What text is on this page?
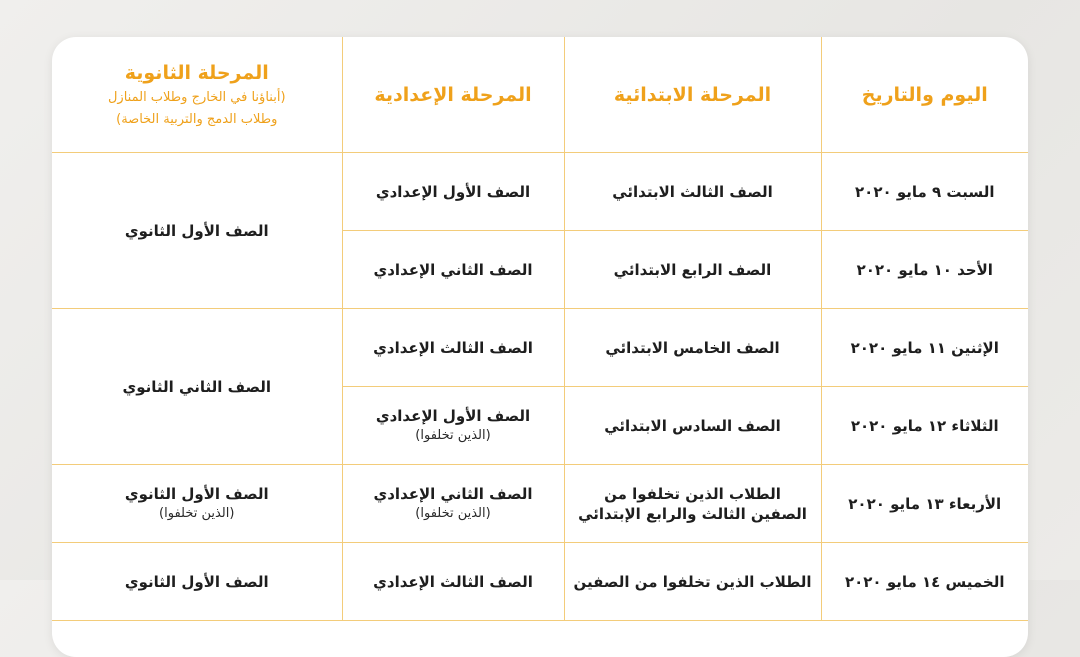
اليوم والتاريخ	المرحلة الابتدائية	المرحلة الإعدادية	المرحلة الثانوية
(أبناؤنا في الخارج وطلاب المنازل
وطلاب الدمج والتربية الخاصة)

السبت ٩ مايو ٢٠٢٠	الصف الثالث الابتدائي	الصف الأول الإعدادي	الصف الأول الثانوي
الأحد ١٠ مايو ٢٠٢٠	الصف الرابع الابتدائي	الصف الثاني الإعدادي	
الإثنين ١١ مايو ٢٠٢٠	الصف الخامس الابتدائي	الصف الثالث الإعدادي	الصف الثاني الثانوي
الثلاثاء ١٢ مايو ٢٠٢٠	الصف السادس الابتدائي	الصف الأول الإعدادي
(الذين تخلفوا)	

الأربعاء ١٣ مايو ٢٠٢٠	الطلاب الذين تخلفوا من
الصفين الثالث والرابع الإبتدائي	الصف الثاني الإعدادي
(الذين تخلفوا)	الصف الأول الثانوي
(الذين تخلفوا)

الخميس ١٤ مايو ٢٠٢٠	الطلاب الذين تخلفوا من الصفين	الصف الثالث الإعدادي	الصف الأول الثانوي
